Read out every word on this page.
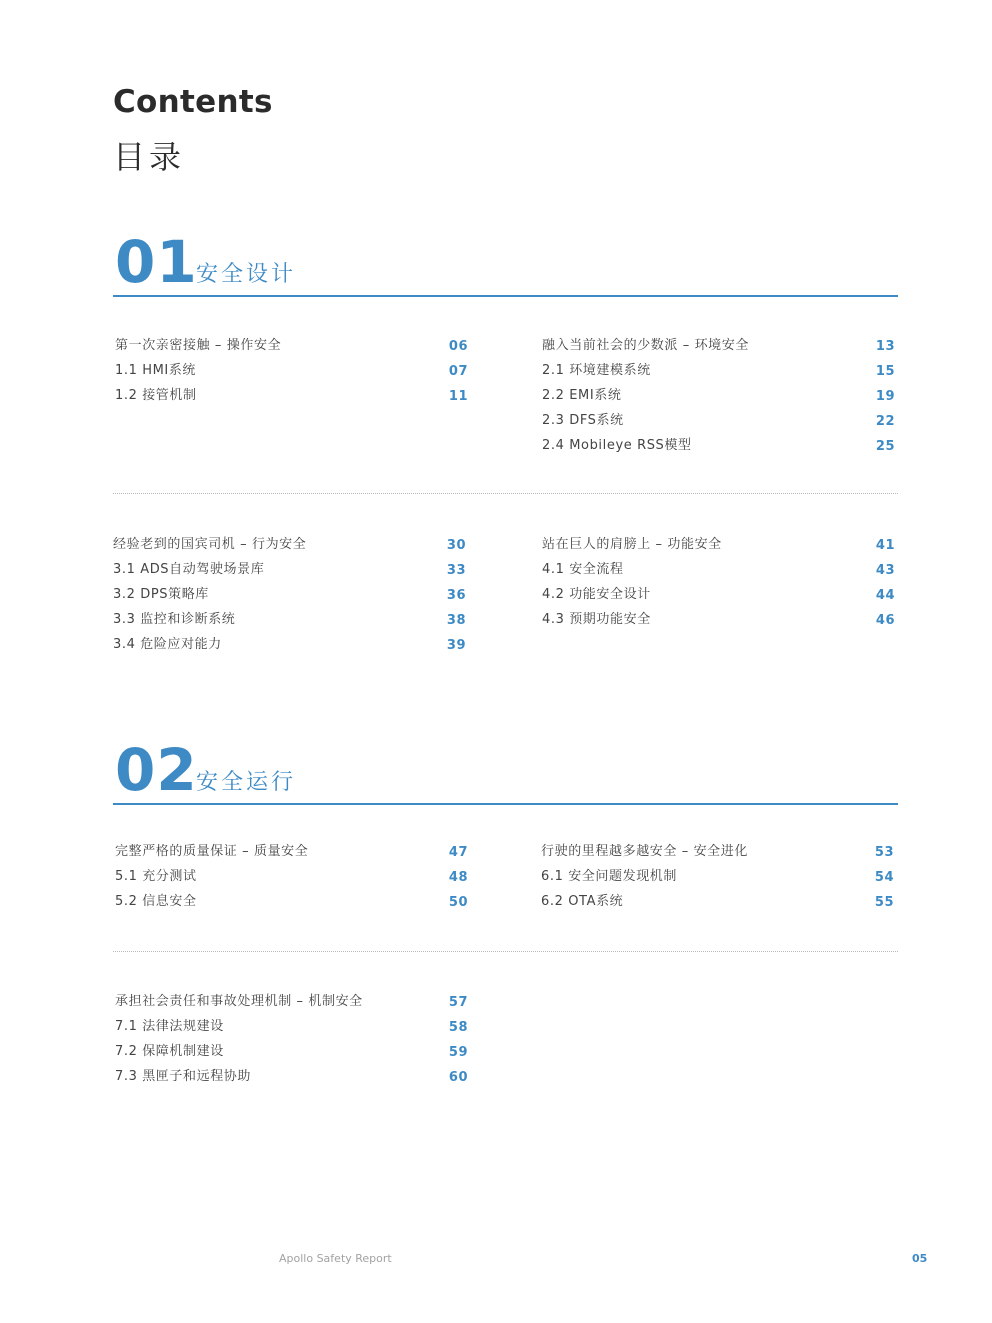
Contents
目录
01
安全设计
第一次亲密接触 – 操作安全	06
1.1 HMI系统	07
1.2 接管机制	11
融入当前社会的少数派 – 环境安全	13
2.1 环境建模系统	15
2.2 EMI系统	19
2.3 DFS系统	22
2.4 Mobileye RSS模型	25
经验老到的国宾司机 – 行为安全	30
3.1 ADS自动驾驶场景库	33
3.2 DPS策略库	36
3.3 监控和诊断系统	38
3.4 危险应对能力	39
站在巨人的肩膀上 – 功能安全	41
4.1 安全流程	43
4.2 功能安全设计	44
4.3 预期功能安全	46
02
安全运行
完整严格的质量保证 – 质量安全	47
5.1 充分测试	48
5.2 信息安全	50
行驶的里程越多越安全 – 安全进化	53
6.1 安全问题发现机制	54
6.2 OTA系统	55
承担社会责任和事故处理机制 – 机制安全	57
7.1 法律法规建设	58
7.2 保障机制建设	59
7.3 黑匣子和远程协助	60
Apollo Safety Report	05
